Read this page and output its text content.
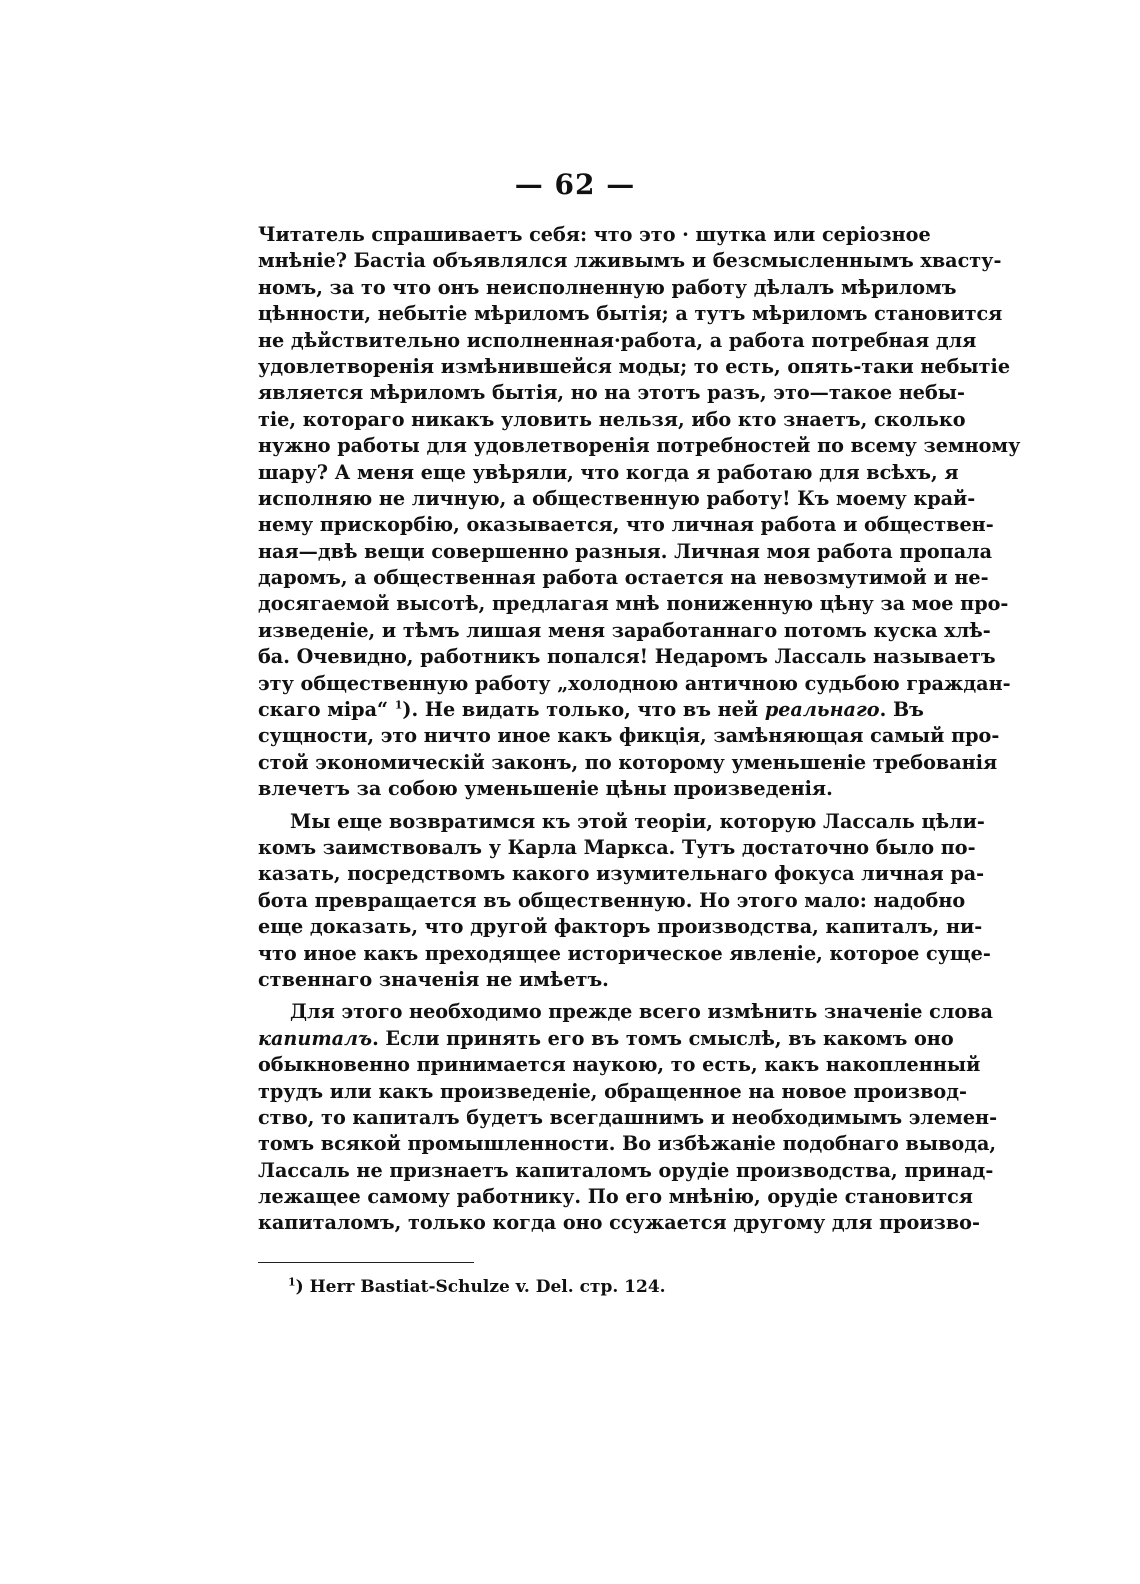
— 62 —
Читатель спрашиваетъ себя: что это · шутка или серіозное
мнѣніе? Бастіа объявлялся лживымъ и безсмысленнымъ хвасту-
номъ, за то что онъ неисполненную работу дѣлалъ мѣриломъ
цѣнности, небытіе мѣриломъ бытія; а тутъ мѣриломъ становится
не дѣйствительно исполненная·работа, а работа потребная для
удовлетворенія измѣнившейся моды; то есть, опять-таки небытіе
является мѣриломъ бытія, но на этотъ разъ, это—такое небы-
тіе, котораго никакъ уловить нельзя, ибо кто знаетъ, сколько
нужно работы для удовлетворенія потребностей по всему земному
шару? А меня еще увѣряли, что когда я работаю для всѣхъ, я
исполняю не личную, а общественную работу! Къ моему край-
нему прискорбію, оказывается, что личная работа и обществен-
ная—двѣ вещи совершенно разныя. Личная моя работа пропала
даромъ, а общественная работа остается на невозмутимой и не-
досягаемой высотѣ, предлагая мнѣ пониженную цѣну за мое про-
изведеніе, и тѣмъ лишая меня заработаннаго потомъ куска хлѣ-
ба. Очевидно, работникъ попался! Недаромъ Лассаль называетъ
эту общественную работу „холодною античною судьбою граждан-
скаго міра“ $^1$). Не видать только, что въ ней реальнаго. Въ
сущности, это ничто иное какъ фикція, замѣняющая самый про-
стой экономическій законъ, по которому уменьшеніе требованія
влечетъ за собою уменьшеніе цѣны произведенія.
Мы еще возвратимся къ этой теоріи, которую Лассаль цѣли-
комъ заимствовалъ у Карла Маркса. Тутъ достаточно было по-
казать, посредствомъ какого изумительнаго фокуса личная ра-
бота превращается въ общественную. Но этого мало: надобно
еще доказать, что другой факторъ производства, капиталъ, ни-
что иное какъ преходящее историческое явленіе, которое суще-
ственнаго значенія не имѣетъ.
Для этого необходимо прежде всего измѣнить значеніе слова
капиталъ. Если принять его въ томъ смыслѣ, въ какомъ оно
обыкновенно принимается наукою, то есть, какъ накопленный
трудъ или какъ произведеніе, обращенное на новое производ-
ство, то капиталъ будетъ всегдашнимъ и необходимымъ элемен-
томъ всякой промышленности. Во избѣжаніе подобнаго вывода,
Лассаль не признаетъ капиталомъ орудіе производства, принад-
лежащее самому работнику. По его мнѣнію, орудіе становится
капиталомъ, только когда оно ссужается другому для произво-
$^1$) Herr Bastiat-Schulze v. Del. стр. 124.
